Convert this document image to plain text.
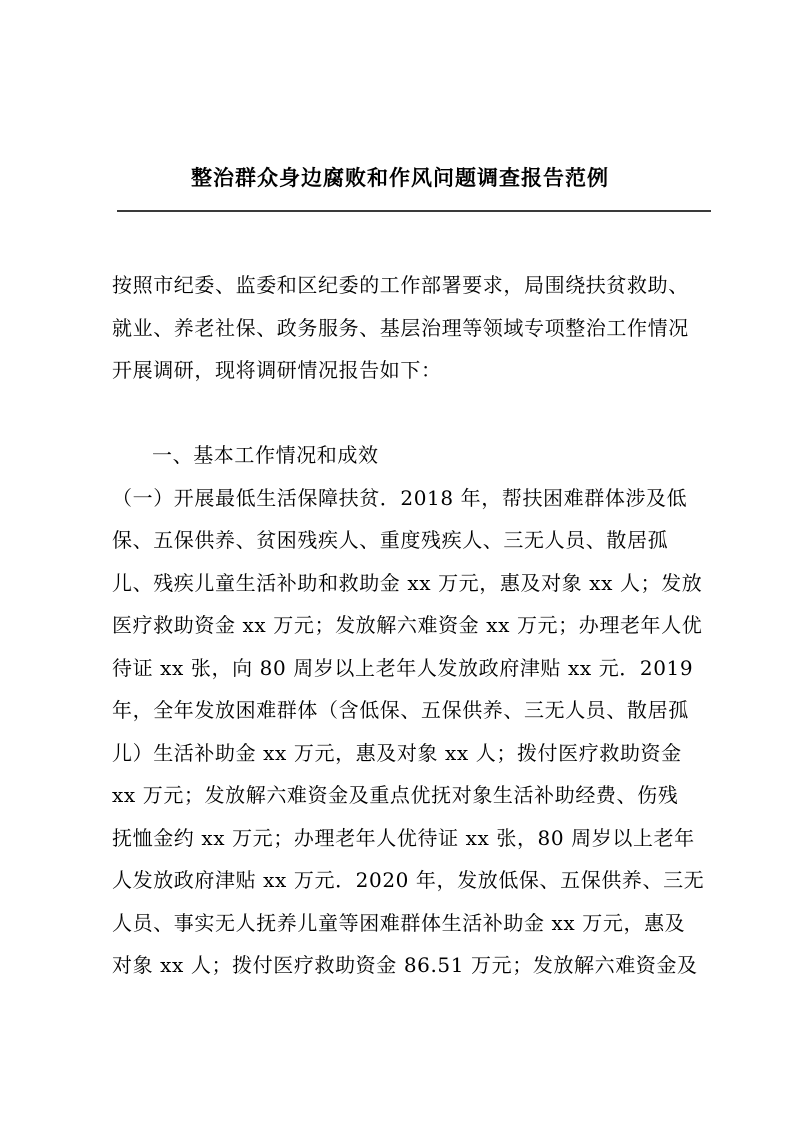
整治群众身边腐败和作风问题调查报告范例
按照市纪委、监委和区纪委的工作部署要求，局围绕扶贫救助、
就业、养老社保、政务服务、基层治理等领域专项整治工作情况
开展调研，现将调研情况报告如下：
一、基本工作情况和成效
（一）开展最低生活保障扶贫．2018 年，帮扶困难群体涉及低
保、五保供养、贫困残疾人、重度残疾人、三无人员、散居孤
儿、残疾儿童生活补助和救助金 xx 万元，惠及对象 xx 人；发放
医疗救助资金 xx 万元；发放解六难资金 xx 万元；办理老年人优
待证 xx 张，向 80 周岁以上老年人发放政府津贴 xx 元．2019
年，全年发放困难群体（含低保、五保供养、三无人员、散居孤
儿）生活补助金 xx 万元，惠及对象 xx 人；拨付医疗救助资金
xx 万元；发放解六难资金及重点优抚对象生活补助经费、伤残
抚恤金约 xx 万元；办理老年人优待证 xx 张，80 周岁以上老年
人发放政府津贴 xx 万元．2020 年，发放低保、五保供养、三无
人员、事实无人抚养儿童等困难群体生活补助金 xx 万元，惠及
对象 xx 人；拨付医疗救助资金 86.51 万元；发放解六难资金及
